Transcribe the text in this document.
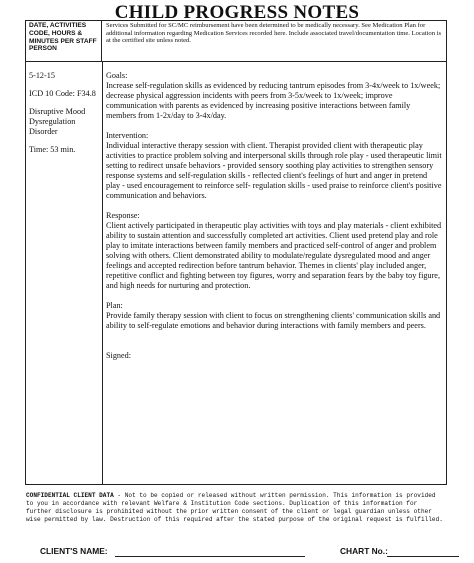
CHILD PROGRESS NOTES
DATE, ACTIVITIES CODE, HOURS & MINUTES PER STAFF PERSON
Services Submitted for SC/MC reimbursement have been determined to be medically necessary. See Medication Plan for additional information regarding Medication Services recorded here. Include associated travel/documentation time. Location is at the certified site unless noted.
5-12-15
ICD 10 Code: F34.8
Disruptive Mood Dysregulation Disorder
Time: 53 min.

Goals:

Increase self-regulation skills as evidenced by reducing tantrum episodes from 3-4x/week to 1x/week; decrease physical aggression incidents with peers from 3-5x/week to 1x/week; improve communication with parents as evidenced by increasing positive interactions between family members from 1-2x/day to 3-4x/day.

Intervention:

Individual interactive therapy session with client. Therapist provided client with therapeutic play activities to practice problem solving and interpersonal skills through role play - used therapeutic limit setting to redirect unsafe behaviors - provided sensory soothing play activities to strengthen sensory response systems and self-regulation skills - reflected client's feelings of hurt and anger in pretend play - used encouragement to reinforce self- regulation skills - used praise to reinforce client's positive communication and behaviors.

Response:

Client actively participated in therapeutic play activities with toys and play materials - client exhibited ability to sustain attention and successfully completed art activities. Client used pretend play and role play to imitate interactions between family members and practiced self-control of anger and problem solving with others. Client demonstrated ability to modulate/regulate dysregulated mood and anger feelings and accepted redirection before tantrum behavior. Themes in clients' play included anger, repetitive conflict and fighting between toy figures, worry and separation fears by the baby toy figure, and high needs for nurturing and protection.

Plan:

Provide family therapy session with client to focus on strengthening clients' communication skills and ability to self-regulate emotions and behavior during interactions with family members and peers.

Signed:

CONFIDENTIAL CLIENT DATA - Not to be copied or released without written permission. This information is provided to you in accordance with relevant Welfare & Institution Code sections. Duplication of this information for further disclosure is prohibited without the prior written consent of the client or legal guardian unless other wise permitted by law. Destruction of this required after the stated purpose of the original request is fulfilled.
CLIENT'S NAME:	CHART No.:
